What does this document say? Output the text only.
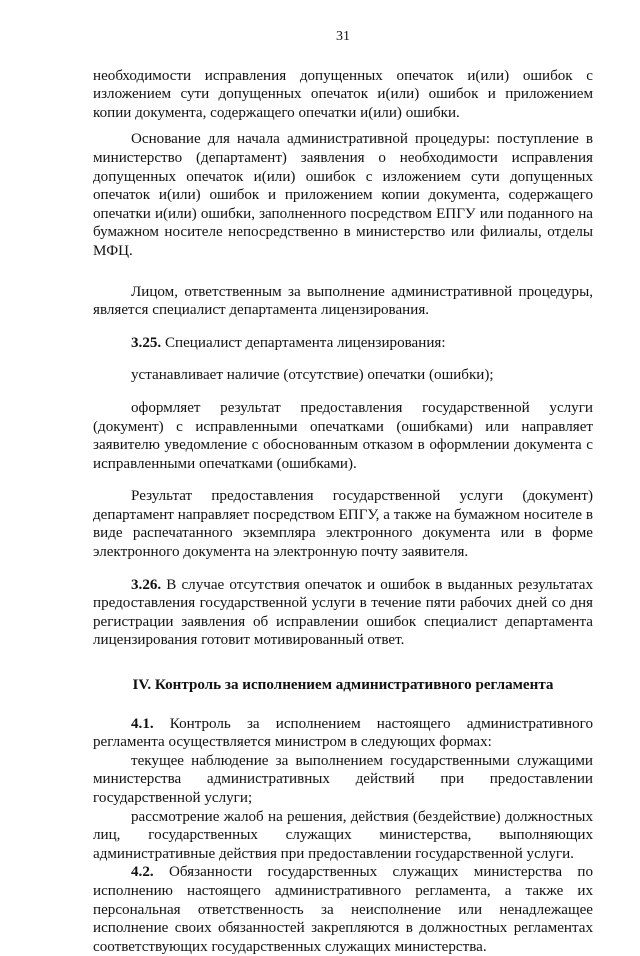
31

необходимости исправления допущенных опечаток и(или) ошибок с изложением сути допущенных опечаток и(или) ошибок и приложением копии документа, содержащего опечатки и(или) ошибки.

Основание для начала административной процедуры: поступление в министерство (департамент) заявления о необходимости исправления допущенных опечаток и(или) ошибок с изложением сути допущенных опечаток и(или) ошибок и приложением копии документа, содержащего опечатки и(или) ошибки, заполненного посредством ЕПГУ или поданного на бумажном носителе непосредственно в министерство или филиалы, отделы МФЦ.

Лицом, ответственным за выполнение административной процедуры, является специалист департамента лицензирования.

3.25. Специалист департамента лицензирования:

устанавливает наличие (отсутствие) опечатки (ошибки);

оформляет результат предоставления государственной услуги (документ) с исправленными опечатками (ошибками) или направляет заявителю уведомление с обоснованным отказом в оформлении документа с исправленными опечатками (ошибками).

Результат предоставления государственной услуги (документ) департамент направляет посредством ЕПГУ, а также на бумажном носителе в виде распечатанного экземпляра электронного документа или в форме электронного документа на электронную почту заявителя.

3.26. В случае отсутствия опечаток и ошибок в выданных результатах предоставления государственной услуги в течение пяти рабочих дней со дня регистрации заявления об исправлении ошибок специалист департамента лицензирования готовит мотивированный ответ.

IV. Контроль за исполнением административного регламента

4.1. Контроль за исполнением настоящего административного регламента осуществляется министром в следующих формах:

текущее наблюдение за выполнением государственными служащими министерства административных действий при предоставлении государственной услуги;

рассмотрение жалоб на решения, действия (бездействие) должностных лиц, государственных служащих министерства, выполняющих административные действия при предоставлении государственной услуги.

4.2. Обязанности государственных служащих министерства по исполнению настоящего административного регламента, а также их персональная ответственность за неисполнение или ненадлежащее исполнение своих обязанностей закрепляются в должностных регламентах соответствующих государственных служащих министерства.
